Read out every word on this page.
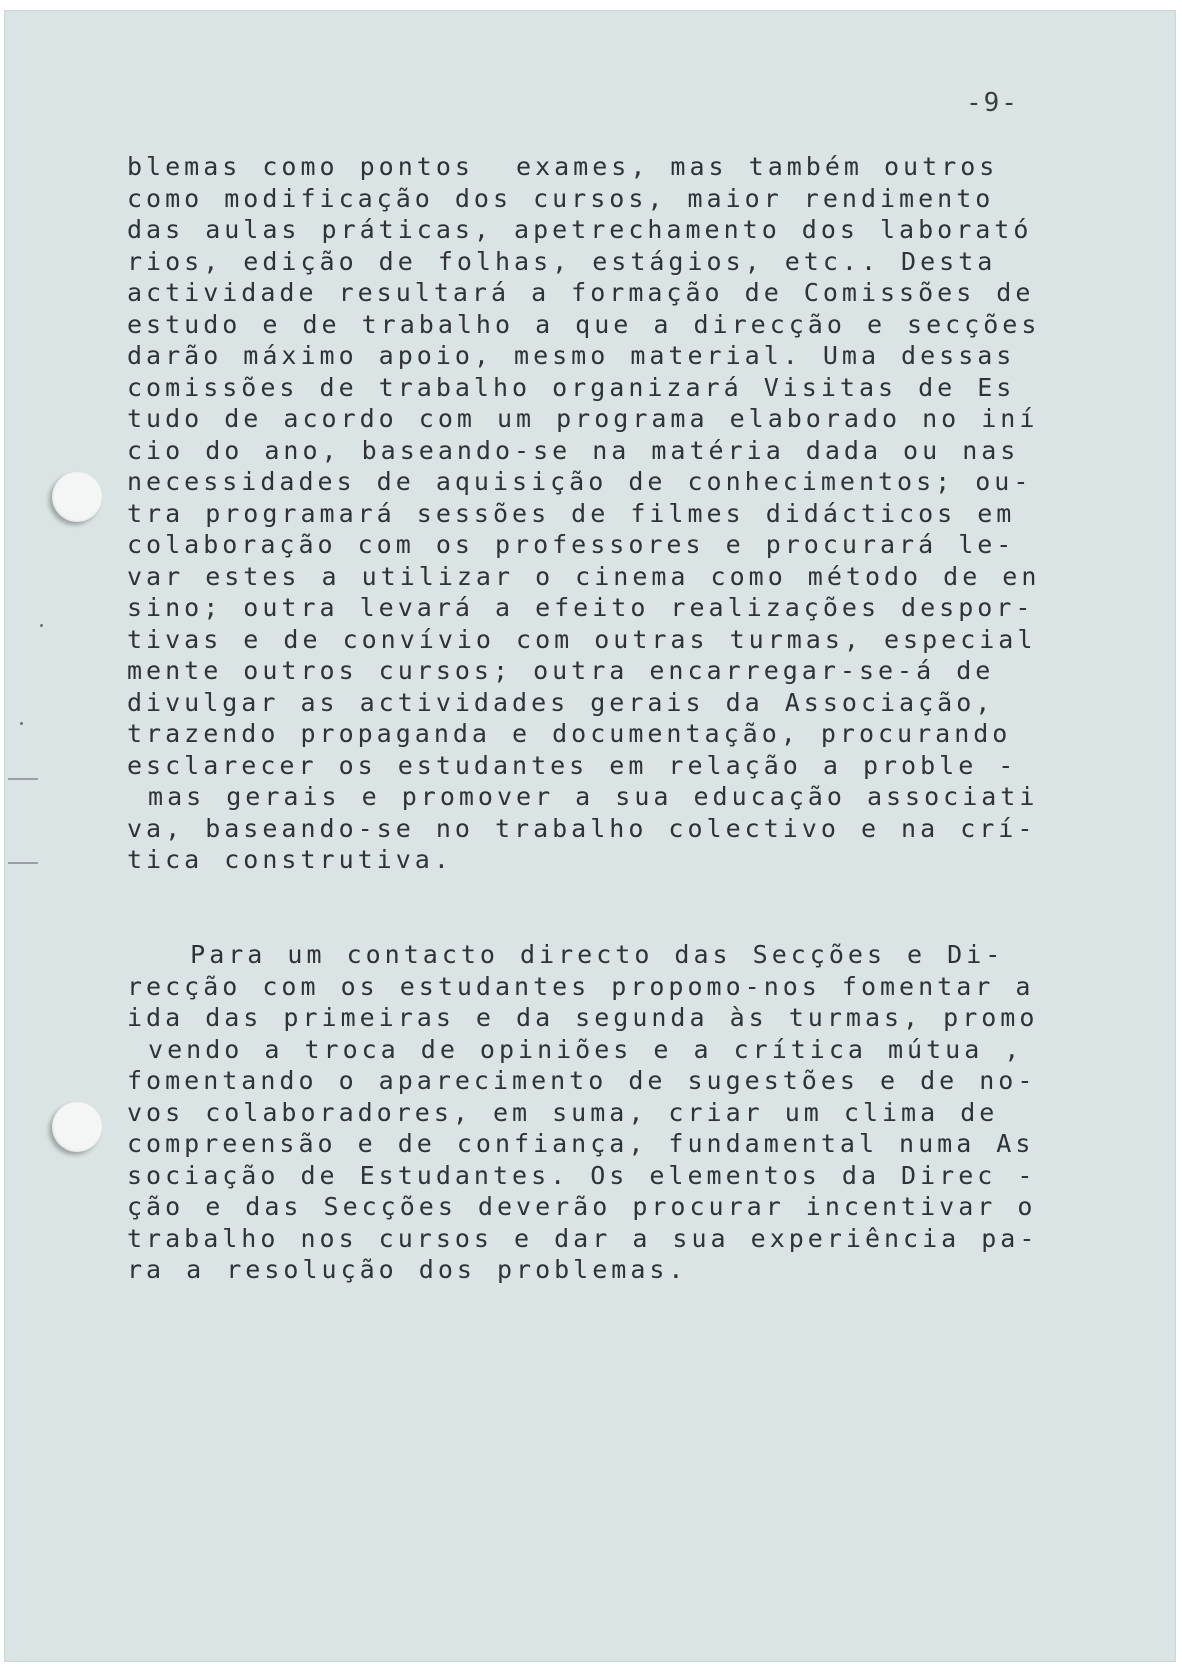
-9-
blemas como pontos  exames, mas também outros
como modificação dos cursos, maior rendimento
das aulas práticas, apetrechamento dos laborató
rios, edição de folhas, estágios, etc.. Desta
actividade resultará a formação de Comissões de
estudo e de trabalho a que a direcção e secções
darão máximo apoio, mesmo material. Uma dessas
comissões de trabalho organizará Visitas de Es
tudo de acordo com um programa elaborado no iní
cio do ano, baseando-se na matéria dada ou nas
necessidades de aquisição de conhecimentos; ou-
tra programará sessões de filmes didácticos em
colaboração com os professores e procurará le-
var estes a utilizar o cinema como método de en
sino; outra levará a efeito realizações despor-
tivas e de convívio com outras turmas, especial
mente outros cursos; outra encarregar-se-á de
divulgar as actividades gerais da Associação,
trazendo propaganda e documentação, procurando
esclarecer os estudantes em relação a proble -
mas gerais e promover a sua educação associati
va, baseando-se no trabalho colectivo e na crí-
tica construtiva.
Para um contacto directo das Secções e Di-
recção com os estudantes propomo-nos fomentar a
ida das primeiras e da segunda às turmas, promo
vendo a troca de opiniões e a crítica mútua ,
fomentando o aparecimento de sugestões e de no-
vos colaboradores, em suma, criar um clima de
compreensão e de confiança, fundamental numa As
sociação de Estudantes. Os elementos da Direc -
ção e das Secções deverão procurar incentivar o
trabalho nos cursos e dar a sua experiência pa-
ra a resolução dos problemas.
